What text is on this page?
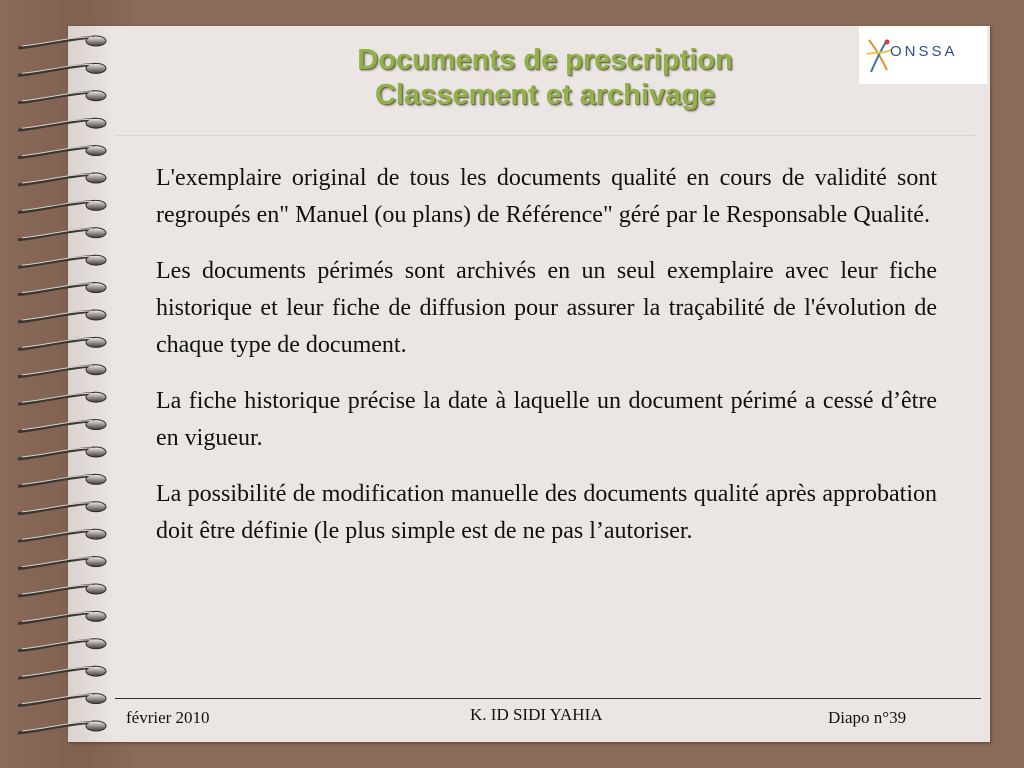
Documents de prescription
Classement et archivage
ONSSA

L'exemplaire original de tous les documents qualité en cours de validité sont regroupés en" Manuel (ou plans) de Référence" géré par le Responsable Qualité.

Les documents périmés sont archivés en un seul exemplaire avec leur fiche historique et leur fiche de diffusion pour assurer la traçabilité de l'évolution de chaque type de document.

La fiche historique précise la date à laquelle un document périmé a cessé d’être en vigueur.

La possibilité de modification manuelle des documents qualité après approbation doit être définie (le plus simple est de ne pas l’autoriser.

février 2010	K. ID SIDI YAHIA	Diapo n°39
